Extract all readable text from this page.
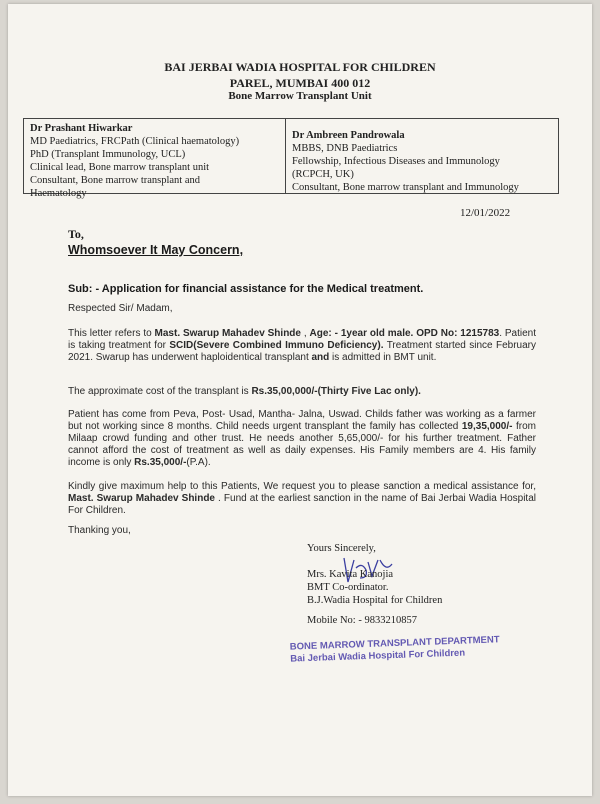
BAI JERBAI WADIA HOSPITAL FOR CHILDREN
PAREL, MUMBAI 400 012
Bone Marrow Transplant Unit
Dr Prashant Hiwarkar
MD Paediatrics, FRCPath (Clinical haematology)
PhD (Transplant Immunology, UCL)
Clinical lead, Bone marrow transplant unit
Consultant, Bone marrow transplant and
Haematology
Dr Ambreen Pandrowala
MBBS, DNB Paediatrics
Fellowship, Infectious Diseases and Immunology
(RCPCH, UK)
Consultant, Bone marrow transplant and Immunology
12/01/2022
To,
Whomsoever It May Concern,
Sub: - Application for financial assistance for the Medical treatment.
Respected Sir/ Madam,
This letter refers to Mast. Swarup Mahadev Shinde , Age: - 1year old male. OPD No: 1215783. Patient is taking treatment for SCID(Severe Combined Immuno Deficiency). Treatment started since February 2021. Swarup has underwent haploidentical transplant and is admitted in BMT unit.
The approximate cost of the transplant is Rs.35,00,000/-(Thirty Five Lac only).
Patient has come from Peva, Post- Usad, Mantha- Jalna, Uswad. Childs father was working as a farmer but not working since 8 months. Child needs urgent transplant the family has collected 19,35,000/- from Milaap crowd funding and other trust. He needs another 5,65,000/- for his further treatment. Father cannot afford the cost of treatment as well as daily expenses. His Family members are 4. His family income is only Rs.35,000/-(P.A).
Kindly give maximum help to this Patients, We request you to please sanction a medical assistance for, Mast. Swarup Mahadev Shinde . Fund at the earliest sanction in the name of Bai Jerbai Wadia Hospital For Children.
Thanking you,
Yours Sincerely,
Mrs. Kavita Kanojia
BMT Co-ordinator.
B.J.Wadia Hospital for Children
Mobile No: - 9833210857
BONE MARROW TRANSPLANT DEPARTMENT
Bai Jerbai Wadia Hospital For Children
